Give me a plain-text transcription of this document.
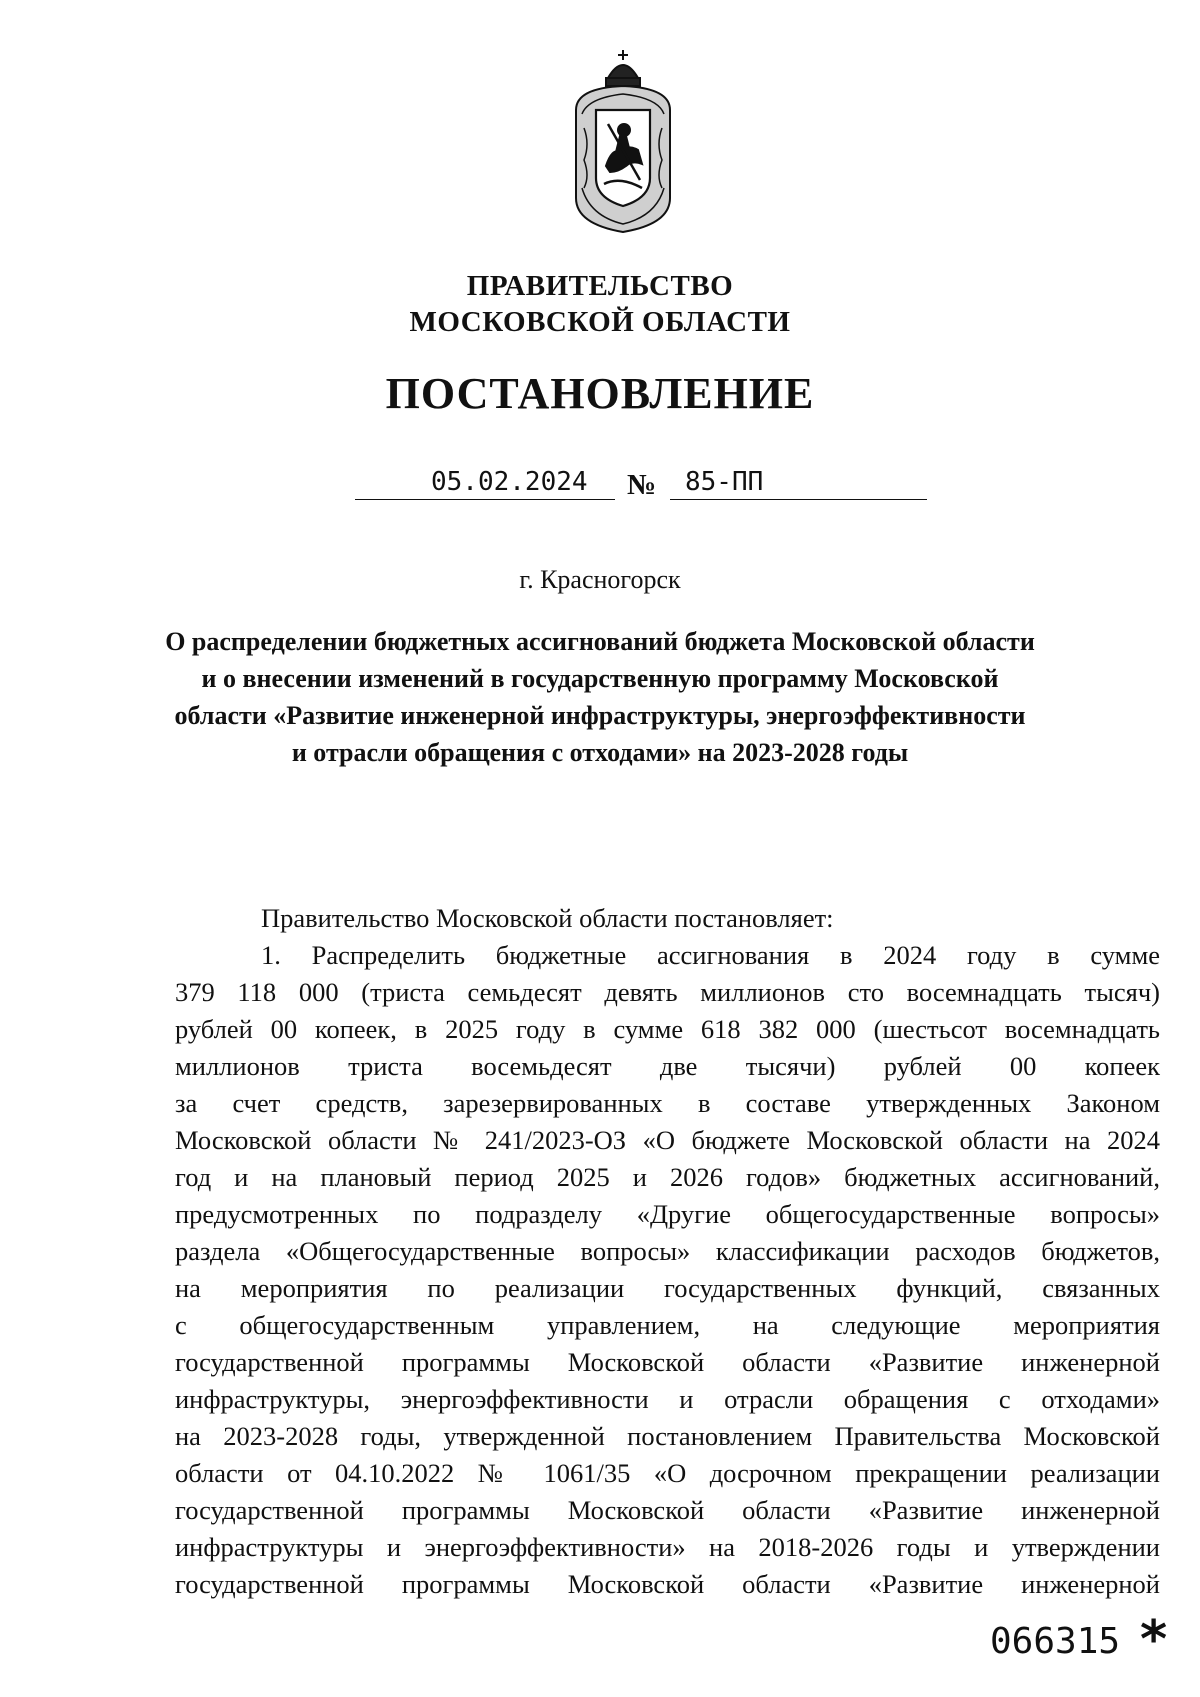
ПРАВИТЕЛЬСТВО
МОСКОВСКОЙ ОБЛАСТИ
ПОСТАНОВЛЕНИЕ
05.02.2024 № 85-ПП
г. Красногорск
О распределении бюджетных ассигнований бюджета Московской области
и о внесении изменений в государственную программу Московской
области «Развитие инженерной инфраструктуры, энергоэффективности
и отрасли обращения с отходами» на 2023-2028 годы
Правительство Московской области постановляет:
1. Распределить бюджетные ассигнования в 2024 году в сумме
379 118 000 (триста семьдесят девять миллионов сто восемнадцать тысяч)
рублей 00 копеек, в 2025 году в сумме 618 382 000 (шестьсот восемнадцать
миллионов триста восемьдесят две тысячи) рублей 00 копеек
за счет средств, зарезервированных в составе утвержденных Законом
Московской области № 241/2023-ОЗ «О бюджете Московской области на 2024
год и на плановый период 2025 и 2026 годов» бюджетных ассигнований,
предусмотренных по подразделу «Другие общегосударственные вопросы»
раздела «Общегосударственные вопросы» классификации расходов бюджетов,
на мероприятия по реализации государственных функций, связанных
с общегосударственным управлением, на следующие мероприятия
государственной программы Московской области «Развитие инженерной
инфраструктуры, энергоэффективности и отрасли обращения с отходами»
на 2023-2028 годы, утвержденной постановлением Правительства Московской
области от 04.10.2022 № 1061/35 «О досрочном прекращении реализации
государственной программы Московской области «Развитие инженерной
инфраструктуры и энергоэффективности» на 2018-2026 годы и утверждении
государственной программы Московской области «Развитие инженерной
066315 *
